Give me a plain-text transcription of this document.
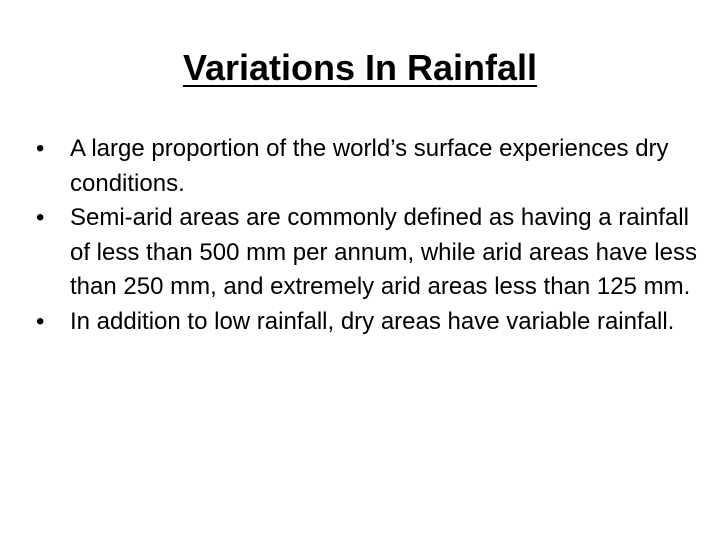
Variations In Rainfall
•	A large proportion of the world’s surface experiences dry conditions.
•	Semi-arid areas are commonly defined as having a rainfall of less than 500 mm per annum, while arid areas have less than 250 mm, and extremely arid areas less than 125 mm.
•	In addition to low rainfall, dry areas have variable rainfall.
